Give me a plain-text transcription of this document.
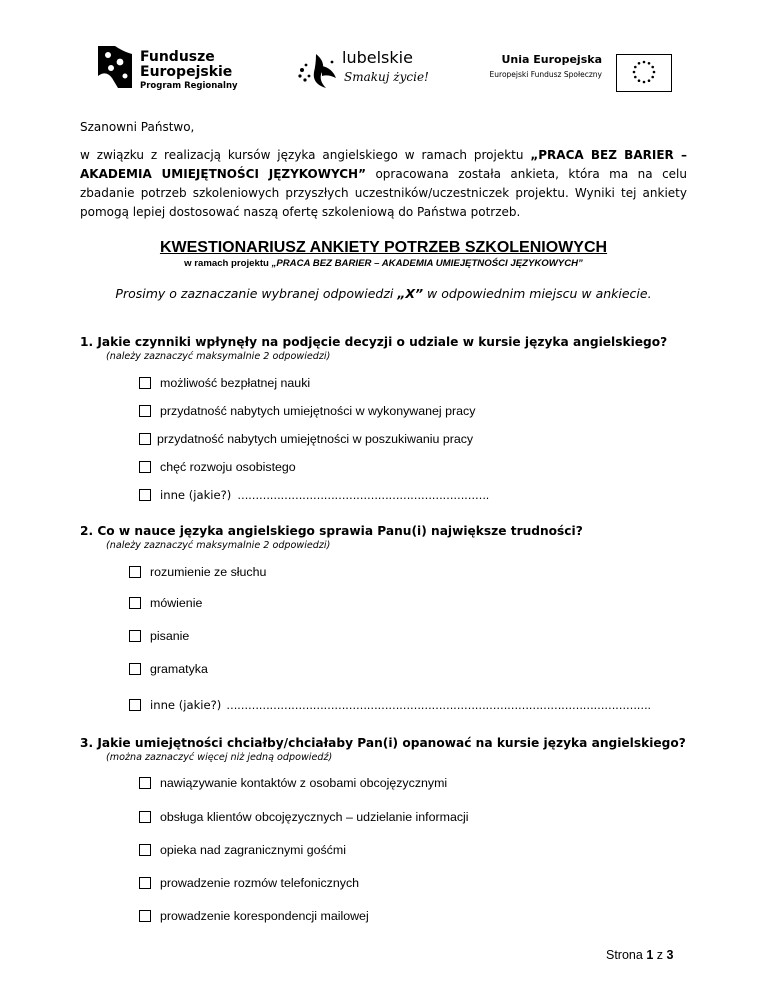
Fundusze
Europejskie
Program Regionalny
lubelskie
Smakuj życie!
Unia Europejska
Europejski Fundusz Społeczny
Szanowni Państwo,
w związku z realizacją kursów języka angielskiego w ramach projektu „PRACA BEZ BARIER – AKADEMIA UMIEJĘTNOŚCI JĘZYKOWYCH” opracowana została ankieta, która ma na celu zbadanie potrzeb szkoleniowych przyszłych uczestników/uczestniczek projektu. Wyniki tej ankiety pomogą lepiej dostosować naszą ofertę szkoleniową do Państwa potrzeb.
KWESTIONARIUSZ ANKIETY POTRZEB SZKOLENIOWYCH
w ramach projektu „PRACA BEZ BARIER – AKADEMIA UMIEJĘTNOŚCI JĘZYKOWYCH”
Prosimy o zaznaczanie wybranej odpowiedzi „X” w odpowiednim miejscu w ankiecie.
1. Jakie czynniki wpłynęły na podjęcie decyzji o udziale w kursie języka angielskiego?
(należy zaznaczyć maksymalnie 2 odpowiedzi)
możliwość bezpłatnej nauki
przydatność nabytych umiejętności w wykonywanej pracy
przydatność nabytych umiejętności w poszukiwaniu pracy
chęć rozwoju osobistego
inne (jakie?) …………………………………………………………….
2. Co w nauce języka angielskiego sprawia Panu(i) największe trudności?
(należy zaznaczyć maksymalnie 2 odpowiedzi)
rozumienie ze słuchu
mówienie
pisanie
gramatyka
inne (jakie?) ……………………………………………………………………………………………………….
3. Jakie umiejętności chciałby/chciałaby Pan(i) opanować na kursie języka angielskiego?
(można zaznaczyć więcej niż jedną odpowiedź)
nawiązywanie kontaktów z osobami obcojęzycznymi
obsługa klientów obcojęzycznych – udzielanie informacji
opieka nad zagranicznymi gośćmi
prowadzenie rozmów telefonicznych
prowadzenie korespondencji mailowej
Strona 1 z 3
